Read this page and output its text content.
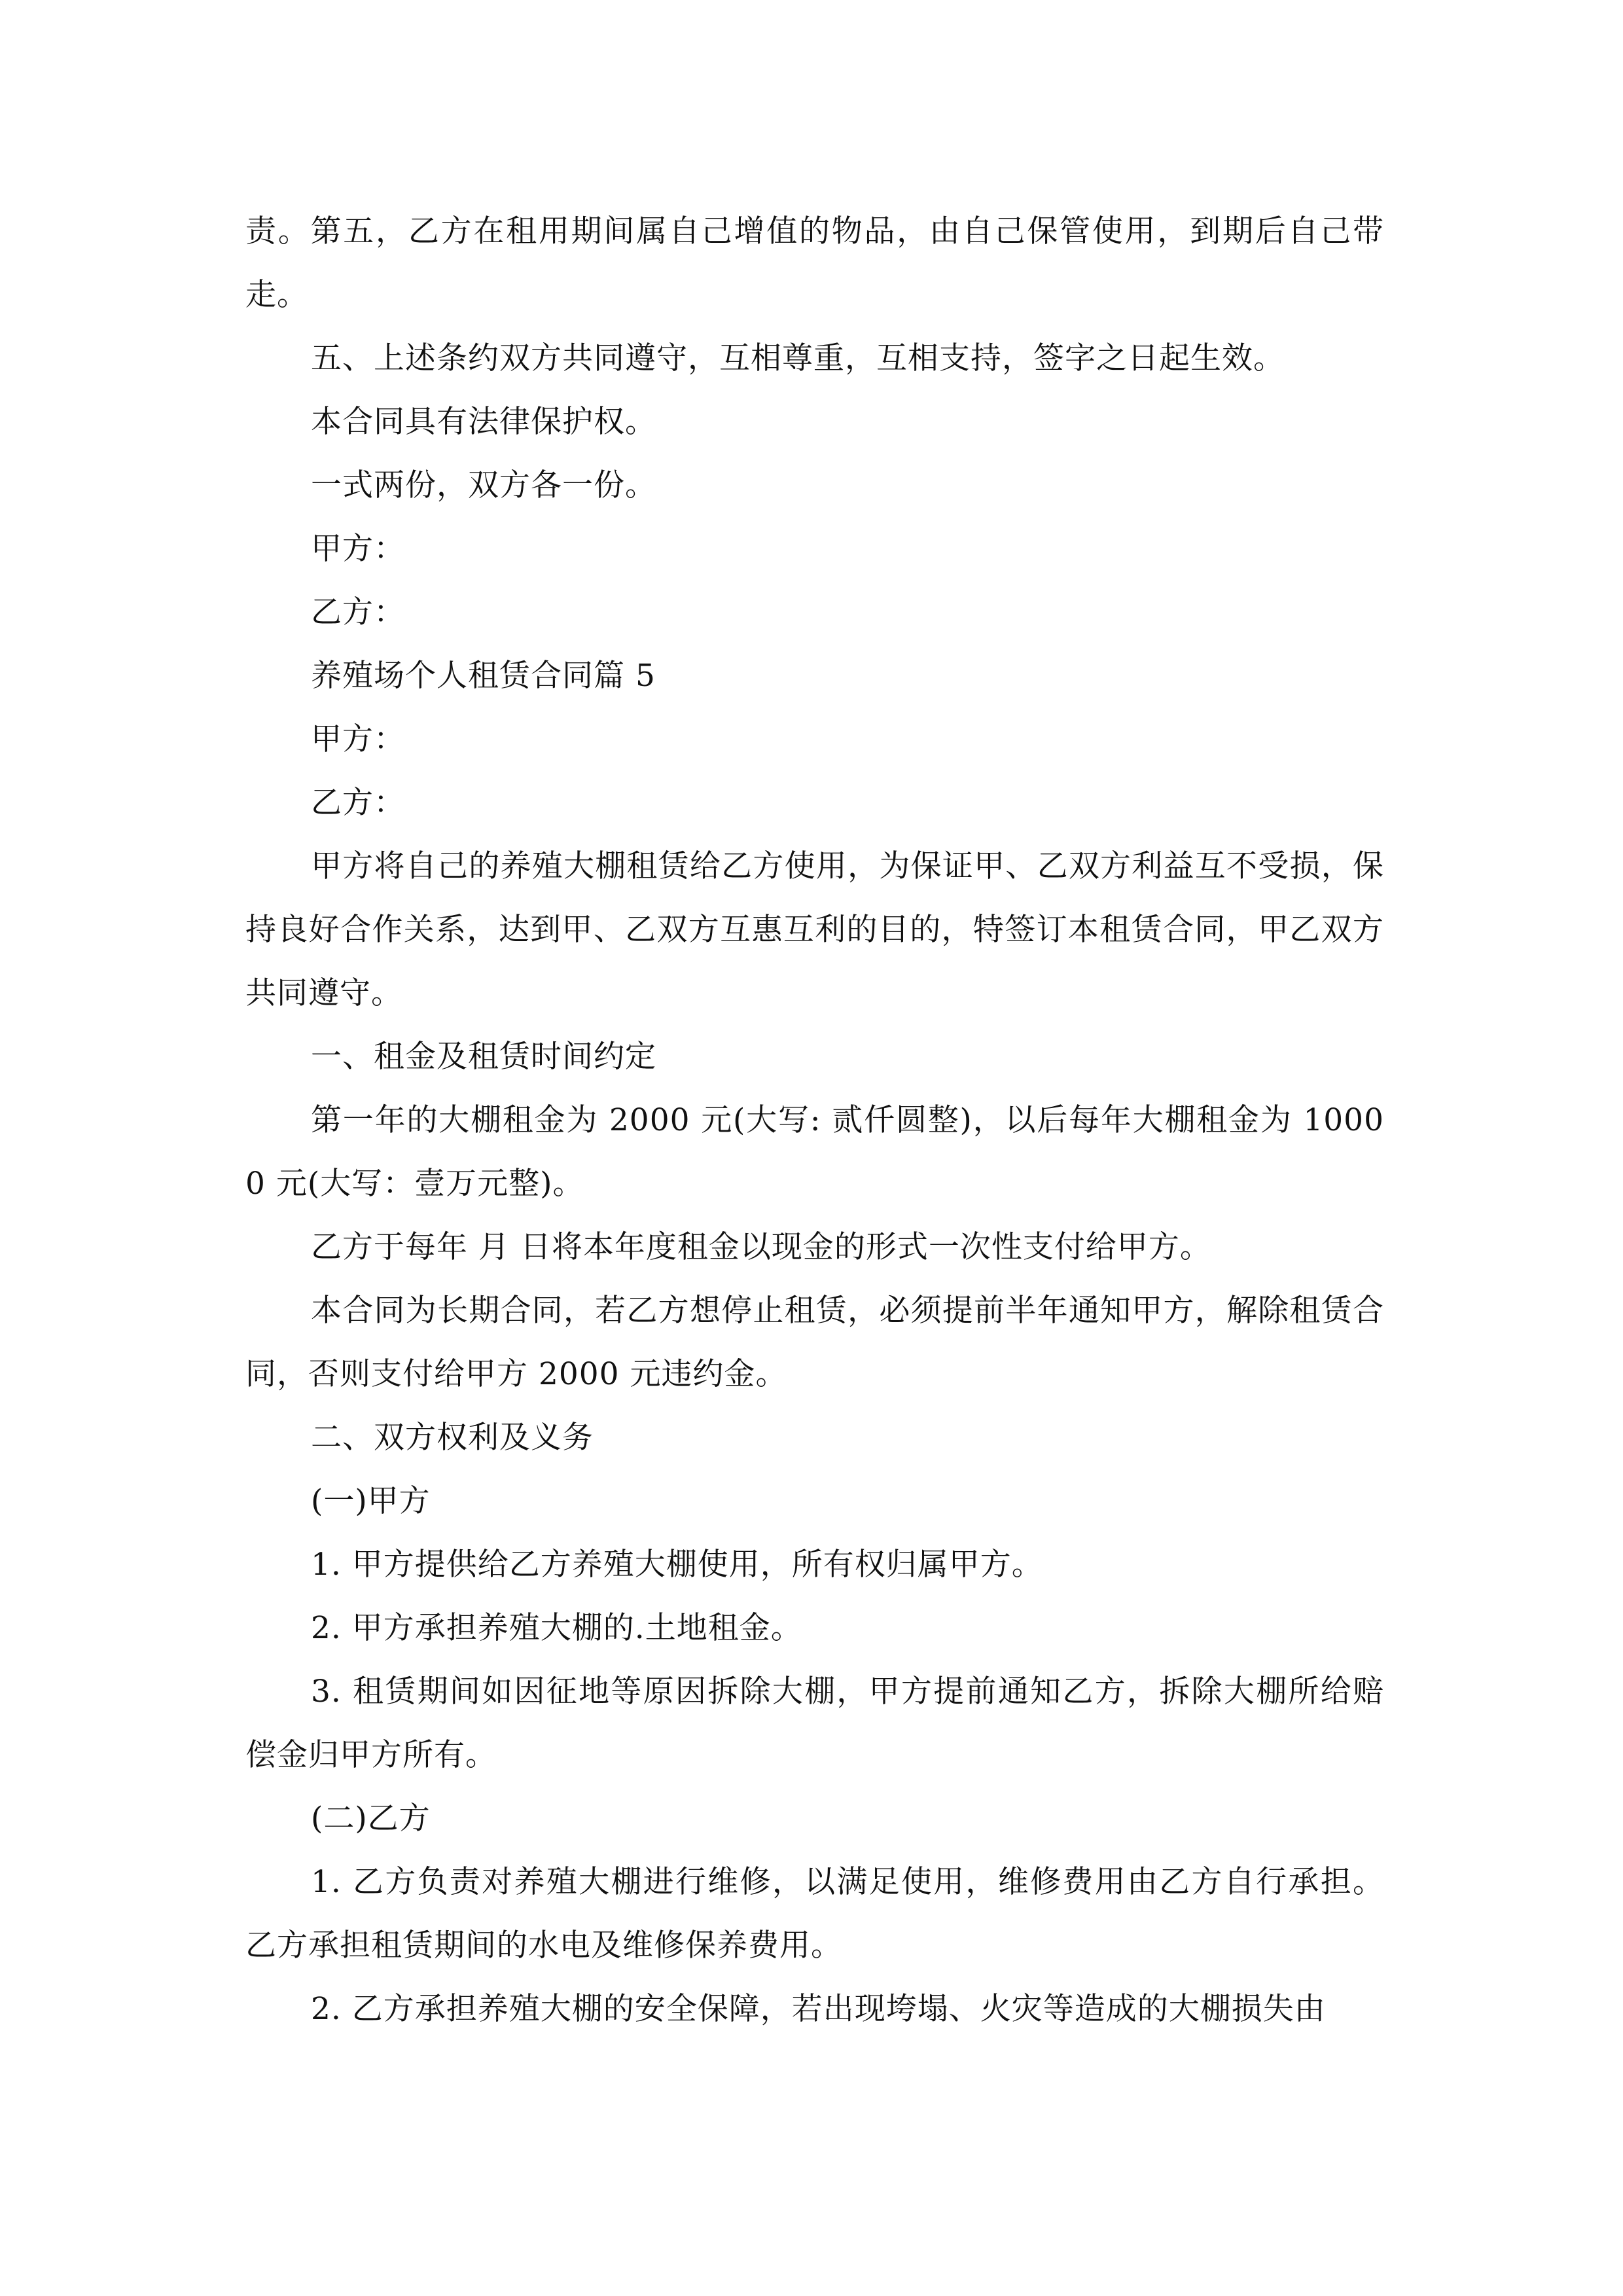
责。第五，乙方在租用期间属自己增值的物品，由自己保管使用，到期后自己带走。

五、上述条约双方共同遵守，互相尊重，互相支持，签字之日起生效。

本合同具有法律保护权。

一式两份，双方各一份。

甲方：

乙方：

养殖场个人租赁合同篇 5

甲方：

乙方：

甲方将自己的养殖大棚租赁给乙方使用，为保证甲、乙双方利益互不受损，保持良好合作关系，达到甲、乙双方互惠互利的目的，特签订本租赁合同，甲乙双方共同遵守。

一、租金及租赁时间约定

第一年的大棚租金为 2000 元(大写: 贰仟圆整)，以后每年大棚租金为 10000 元(大写：壹万元整)。

乙方于每年 月 日将本年度租金以现金的形式一次性支付给甲方。

本合同为长期合同，若乙方想停止租赁，必须提前半年通知甲方，解除租赁合同，否则支付给甲方 2000 元违约金。

二、双方权利及义务

(一)甲方

1. 甲方提供给乙方养殖大棚使用，所有权归属甲方。

2. 甲方承担养殖大棚的.土地租金。

3. 租赁期间如因征地等原因拆除大棚，甲方提前通知乙方，拆除大棚所给赔偿金归甲方所有。

(二)乙方

1. 乙方负责对养殖大棚进行维修，以满足使用，维修费用由乙方自行承担。乙方承担租赁期间的水电及维修保养费用。

2. 乙方承担养殖大棚的安全保障，若出现垮塌、火灾等造成的大棚损失由
